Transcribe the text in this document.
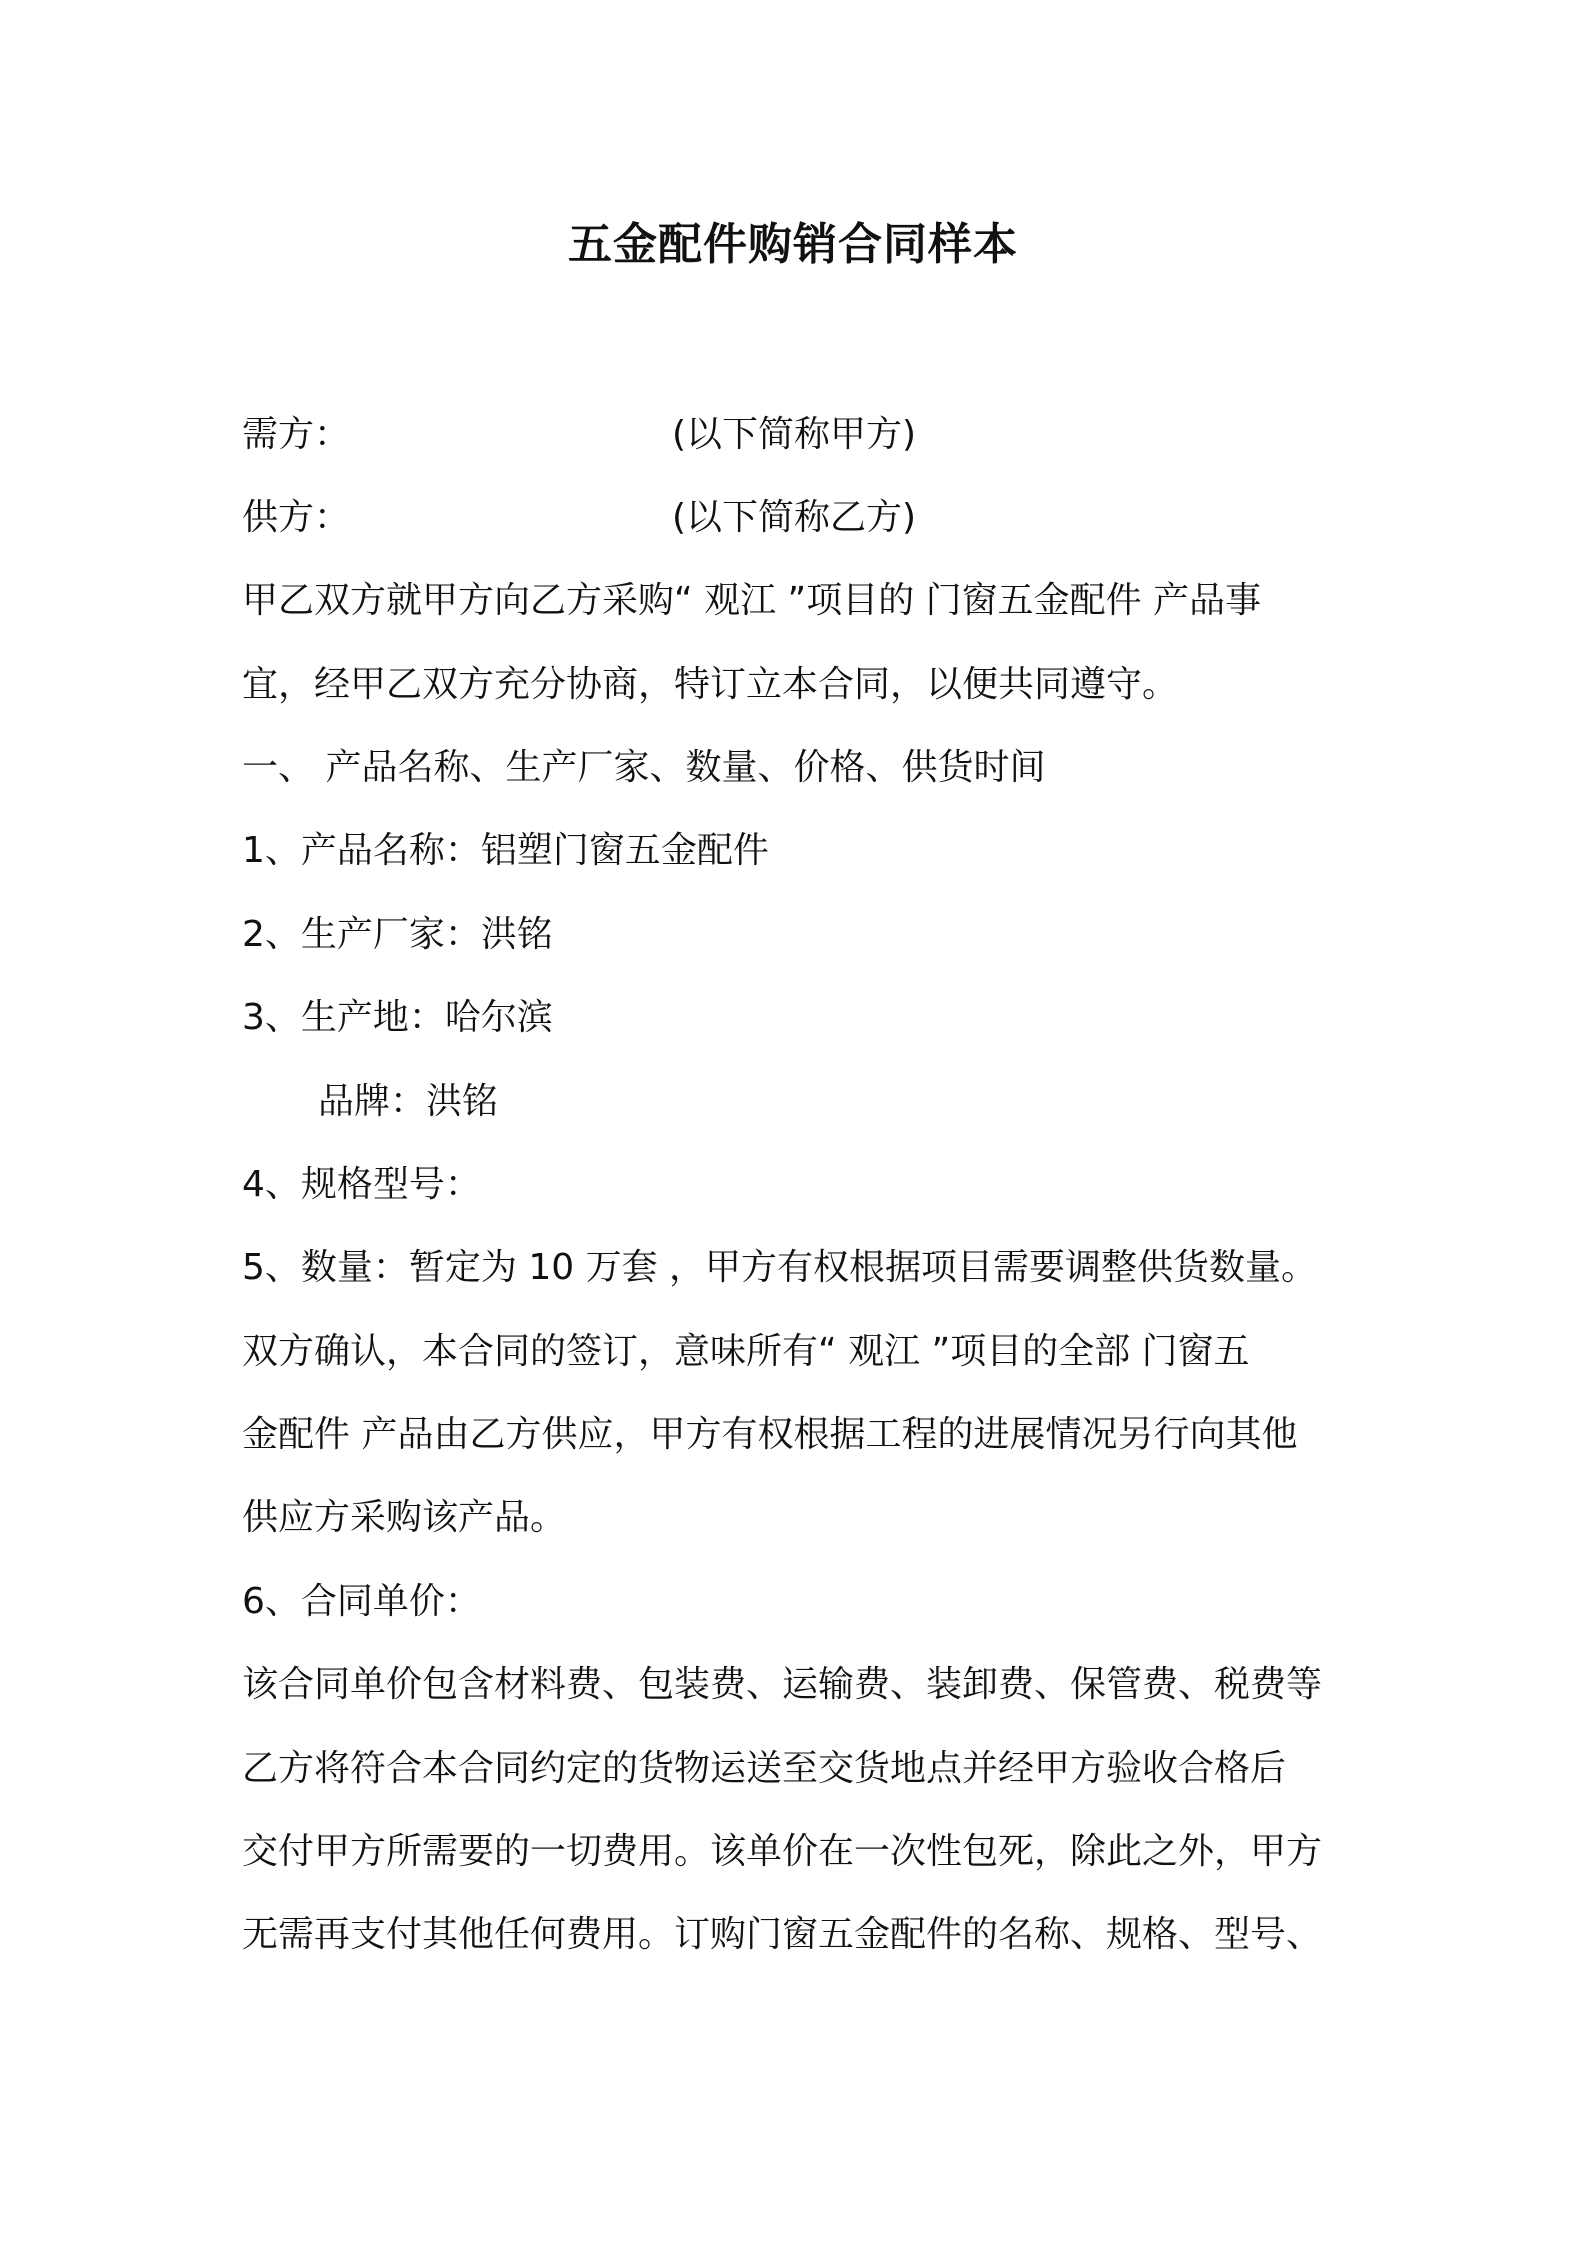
五金配件购销合同样本
需方：	(以下简称甲方)
供方：	(以下简称乙方)
甲乙双方就甲方向乙方采购“ 观江 ”项目的 门窗五金配件 产品事
宜，经甲乙双方充分协商，特订立本合同，以便共同遵守。
一、 产品名称、生产厂家、数量、价格、供货时间
1、产品名称：铝塑门窗五金配件
2、生产厂家：洪铭
3、生产地：哈尔滨
品牌：洪铭
4、规格型号：
5、数量：暂定为 10 万套 ，甲方有权根据项目需要调整供货数量。
双方确认，本合同的签订，意味所有“ 观江 ”项目的全部 门窗五
金配件 产品由乙方供应，甲方有权根据工程的进展情况另行向其他
供应方采购该产品。
6、合同单价：
该合同单价包含材料费、包装费、运输费、装卸费、保管费、税费等
乙方将符合本合同约定的货物运送至交货地点并经甲方验收合格后
交付甲方所需要的一切费用。该单价在一次性包死，除此之外，甲方
无需再支付其他任何费用。订购门窗五金配件的名称、规格、型号、
